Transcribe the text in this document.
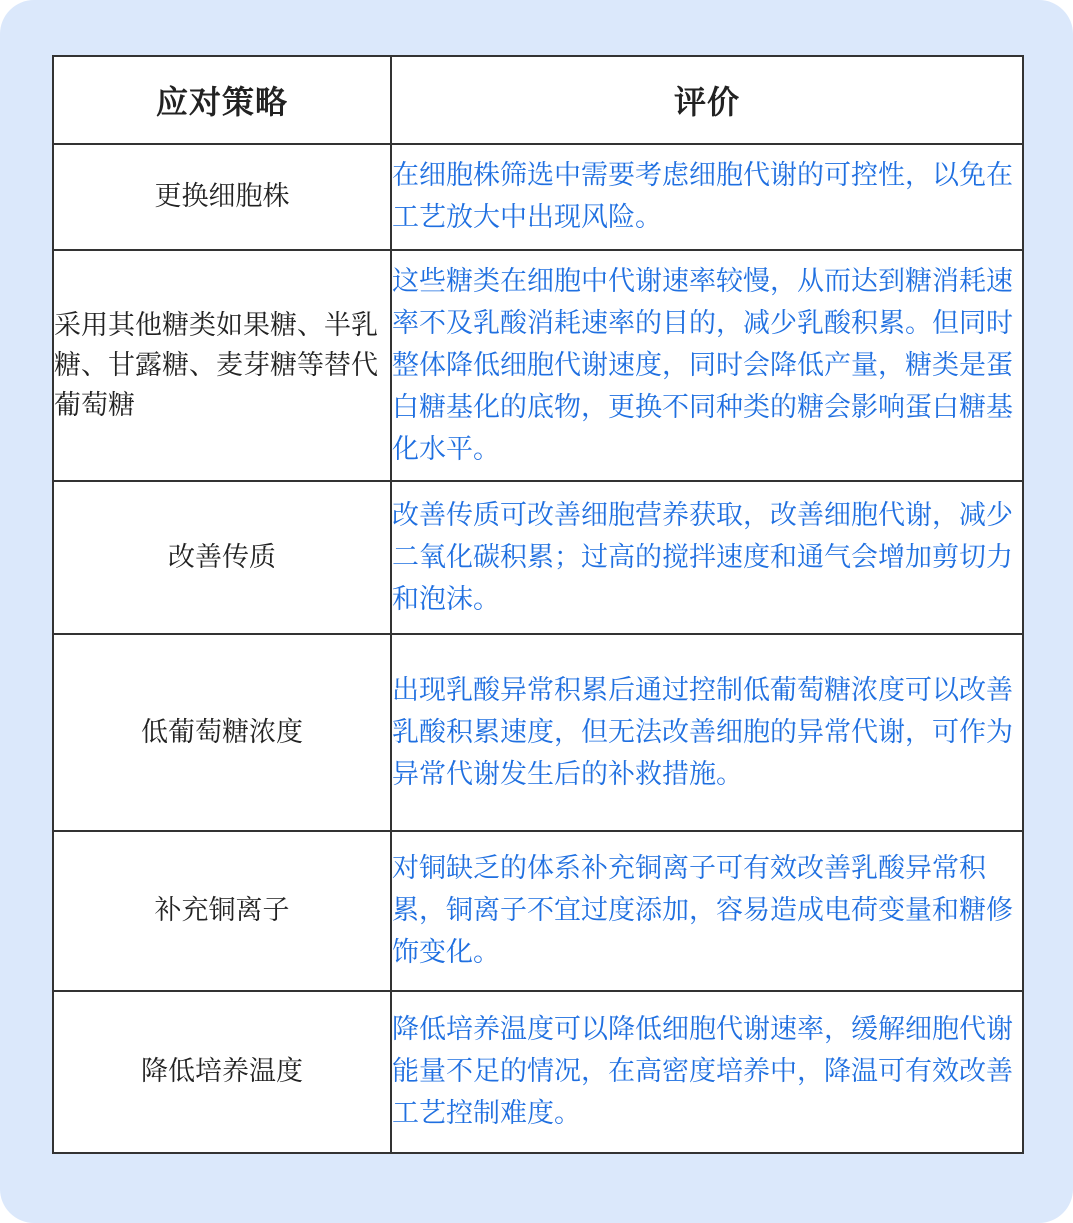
应对策略	评价
更换细胞株	在细胞株筛选中需要考虑细胞代谢的可控性，以免在工艺放大中出现风险。
采用其他糖类如果糖、半乳糖、甘露糖、麦芽糖等替代葡萄糖	这些糖类在细胞中代谢速率较慢，从而达到糖消耗速率不及乳酸消耗速率的目的，减少乳酸积累。但同时整体降低细胞代谢速度，同时会降低产量，糖类是蛋白糖基化的底物，更换不同种类的糖会影响蛋白糖基化水平。
改善传质	改善传质可改善细胞营养获取，改善细胞代谢，减少二氧化碳积累；过高的搅拌速度和通气会增加剪切力和泡沫。
低葡萄糖浓度	出现乳酸异常积累后通过控制低葡萄糖浓度可以改善乳酸积累速度，但无法改善细胞的异常代谢，可作为异常代谢发生后的补救措施。
补充铜离子	对铜缺乏的体系补充铜离子可有效改善乳酸异常积累，铜离子不宜过度添加，容易造成电荷变量和糖修饰变化。
降低培养温度	降低培养温度可以降低细胞代谢速率，缓解细胞代谢能量不足的情况，在高密度培养中，降温可有效改善工艺控制难度。
